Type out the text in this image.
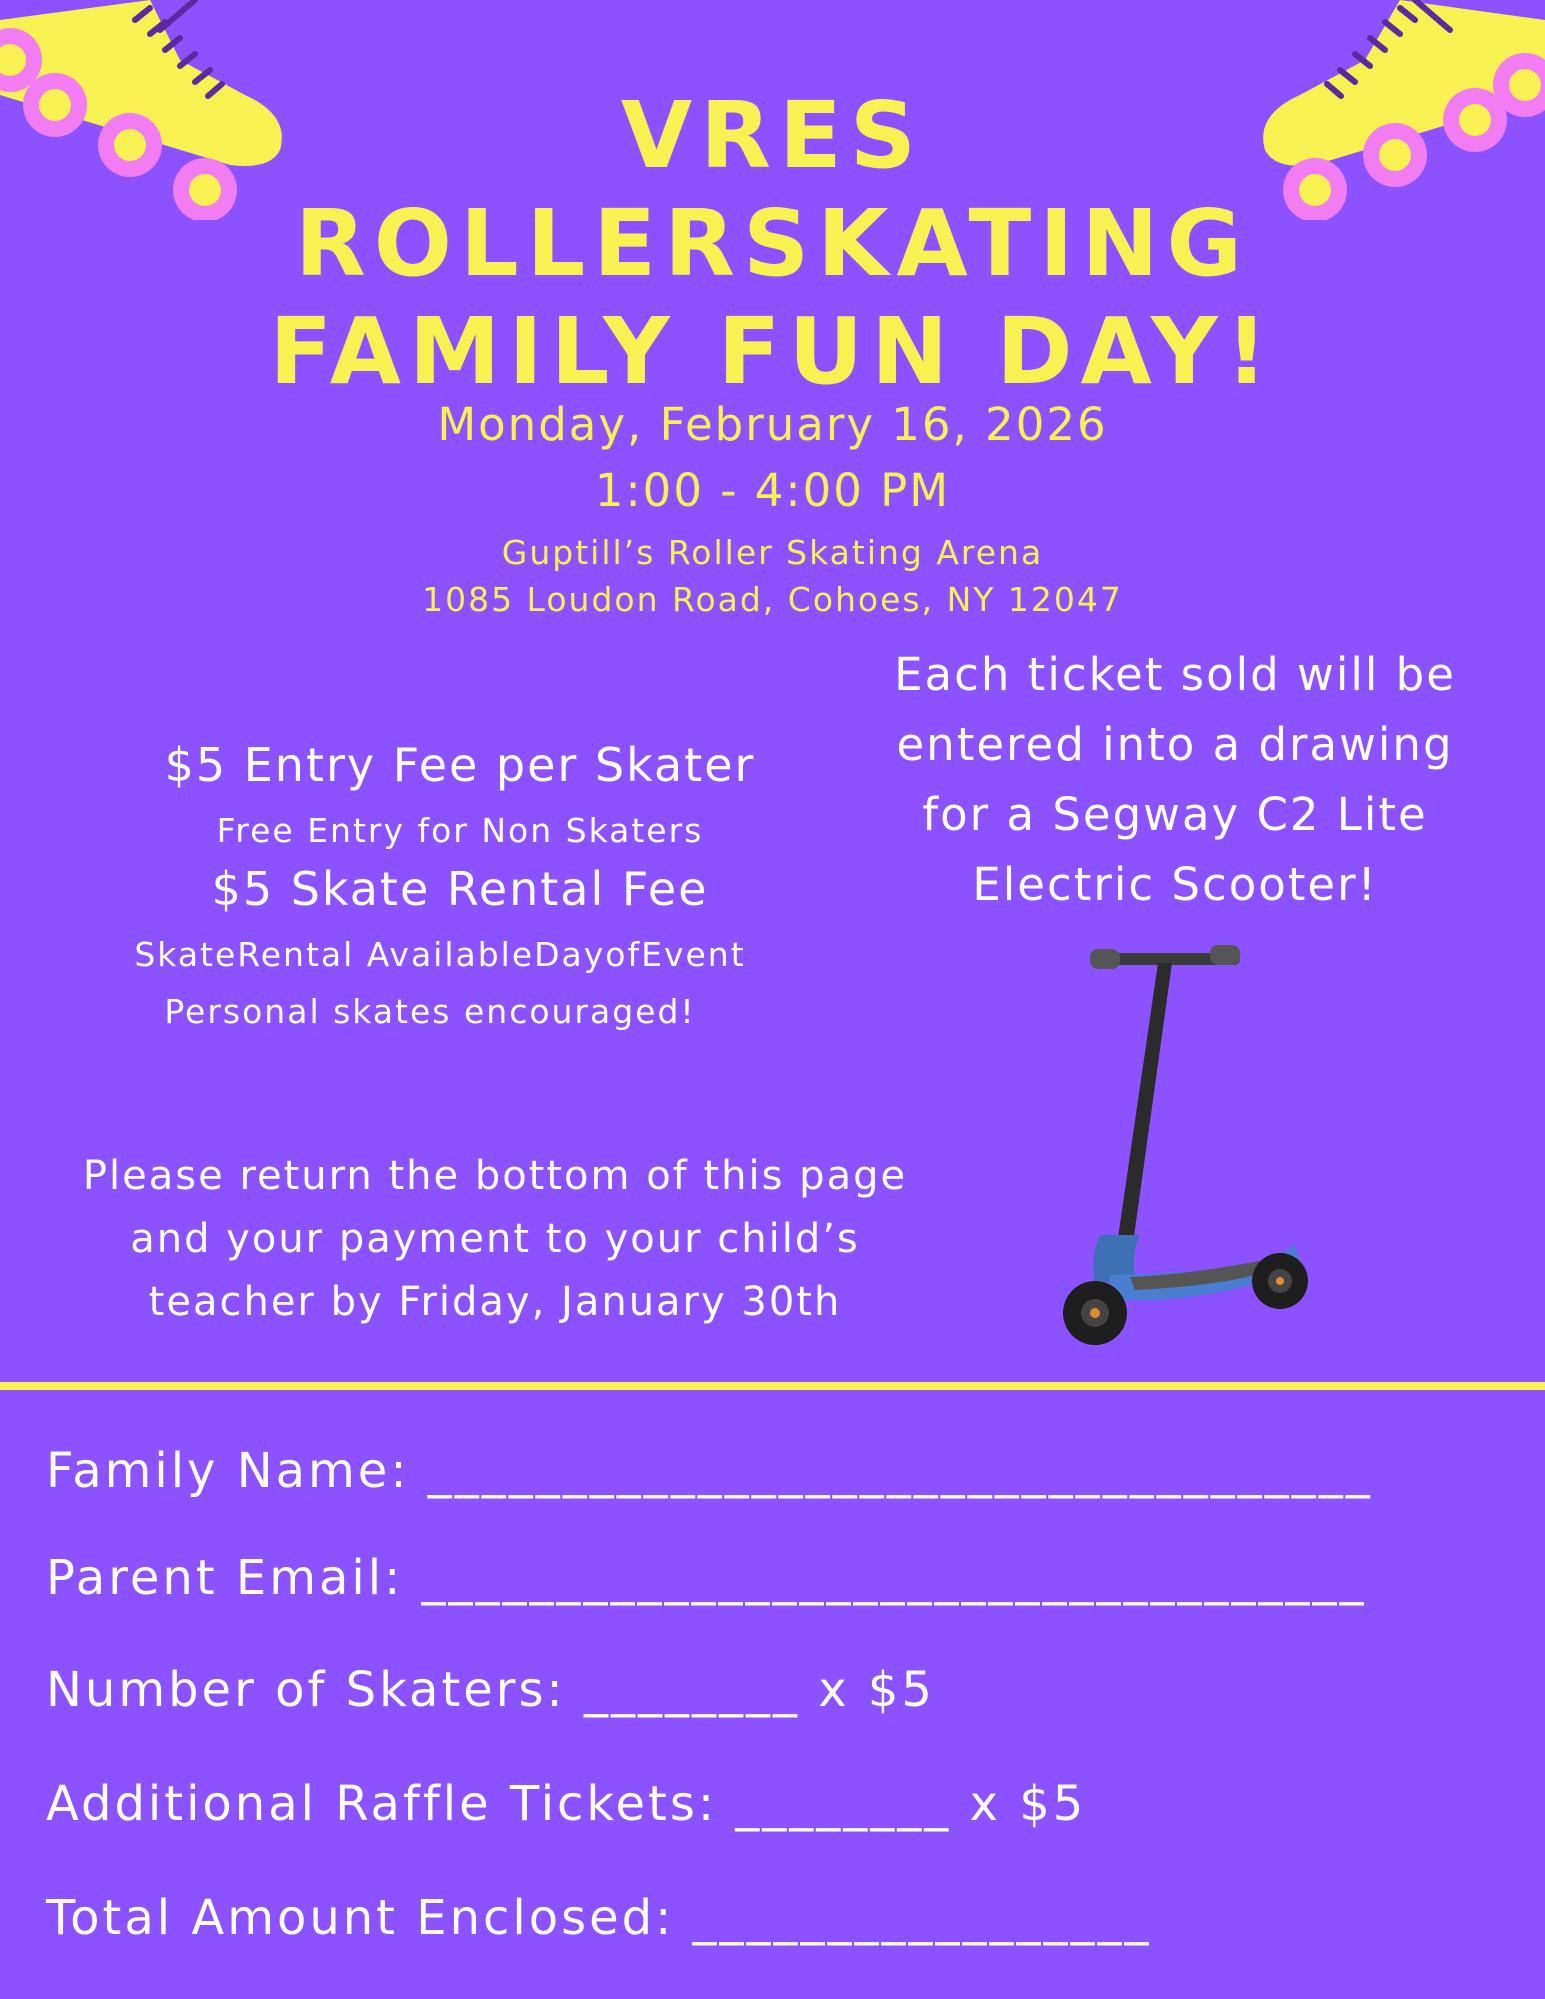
VRES
ROLLERSKATING
FAMILY FUN DAY!
Monday, February 16, 2026
1:00 - 4:00 PM
Guptill’s Roller Skating Arena
1085 Loudon Road, Cohoes, NY 12047
$5 Entry Fee per Skater
Free Entry for Non Skaters
$5 Skate Rental Fee
SkateRental AvailableDayofEvent
Personal skates encouraged!
Each ticket sold will be
entered into a drawing
for a Segway C2 Lite
Electric Scooter!
Please return the bottom of this page
and your payment to your child’s
teacher by Friday, January 30th
Family Name: ___________________________________
Parent Email: ___________________________________
Number of Skaters: ________ x $5
Additional Raffle Tickets: ________ x $5
Total Amount Enclosed: _________________
